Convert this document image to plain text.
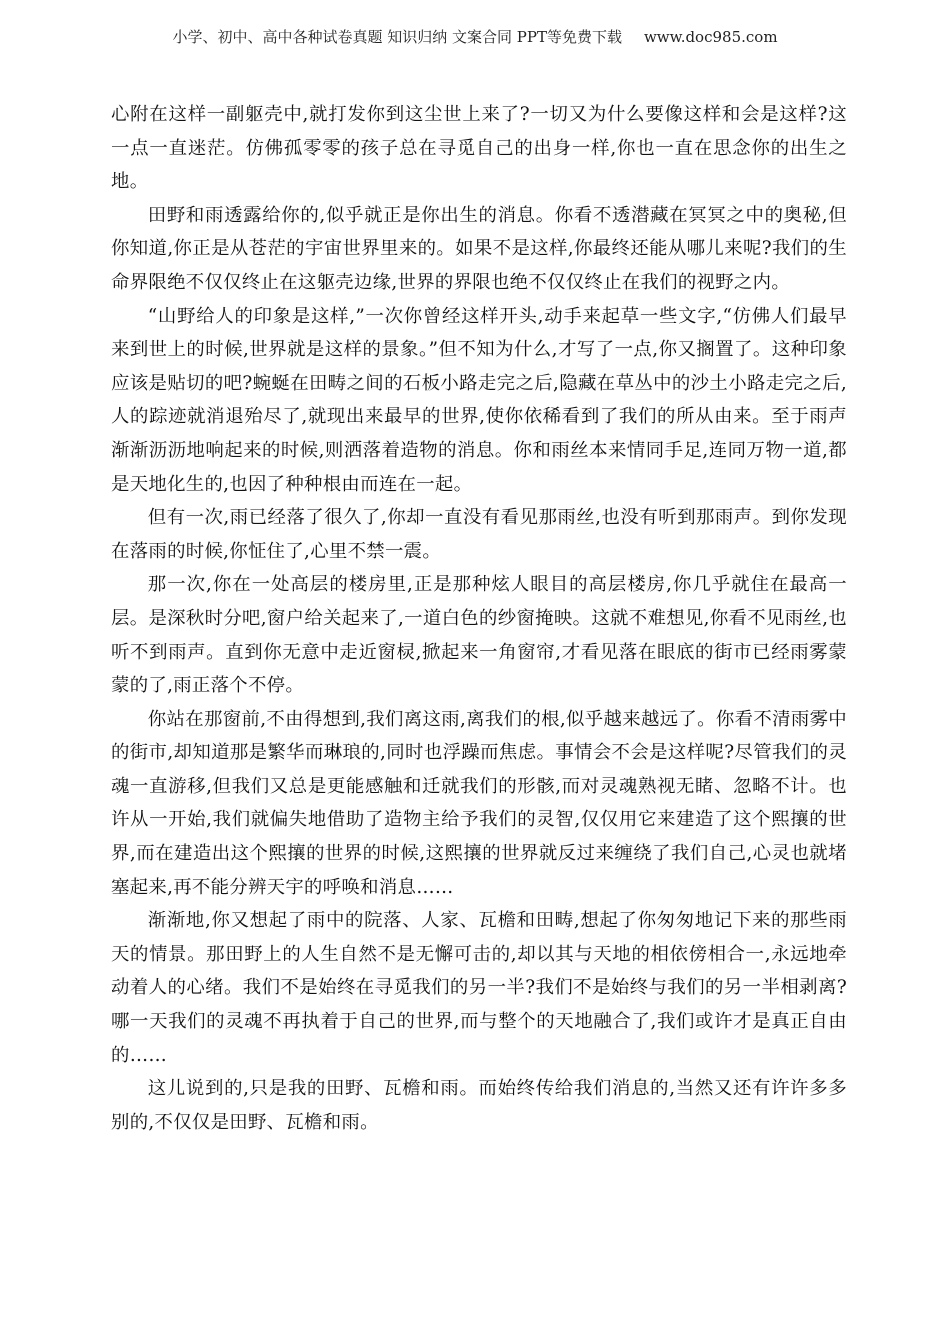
小学、初中、高中各种试卷真题 知识归纳 文案合同 PPT等免费下载 www.doc985.com

心附在这样一副躯壳中,就打发你到这尘世上来了?一切又为什么要像这样和会是这样?这一点一直迷茫。仿佛孤零零的孩子总在寻觅自己的出身一样,你也一直在思念你的出生之地。

田野和雨透露给你的,似乎就正是你出生的消息。你看不透潜藏在冥冥之中的奥秘,但你知道,你正是从苍茫的宇宙世界里来的。如果不是这样,你最终还能从哪儿来呢?我们的生命界限绝不仅仅终止在这躯壳边缘,世界的界限也绝不仅仅终止在我们的视野之内。

“山野给人的印象是这样,”一次你曾经这样开头,动手来起草一些文字,“仿佛人们最早来到世上的时候,世界就是这样的景象。”但不知为什么,才写了一点,你又搁置了。这种印象应该是贴切的吧?蜿蜒在田畴之间的石板小路走完之后,隐藏在草丛中的沙土小路走完之后,人的踪迹就消退殆尽了,就现出来最早的世界,使你依稀看到了我们的所从由来。至于雨声渐渐沥沥地响起来的时候,则洒落着造物的消息。你和雨丝本来情同手足,连同万物一道,都是天地化生的,也因了种种根由而连在一起。

但有一次,雨已经落了很久了,你却一直没有看见那雨丝,也没有听到那雨声。到你发现在落雨的时候,你怔住了,心里不禁一震。

那一次,你在一处高层的楼房里,正是那种炫人眼目的高层楼房,你几乎就住在最高一层。是深秋时分吧,窗户给关起来了,一道白色的纱窗掩映。这就不难想见,你看不见雨丝,也听不到雨声。直到你无意中走近窗棂,掀起来一角窗帘,才看见落在眼底的街市已经雨雾蒙蒙的了,雨正落个不停。

你站在那窗前,不由得想到,我们离这雨,离我们的根,似乎越来越远了。你看不清雨雾中的街市,却知道那是繁华而琳琅的,同时也浮躁而焦虑。事情会不会是这样呢?尽管我们的灵魂一直游移,但我们又总是更能感触和迁就我们的形骸,而对灵魂熟视无睹、忽略不计。也许从一开始,我们就偏失地借助了造物主给予我们的灵智,仅仅用它来建造了这个熙攘的世界,而在建造出这个熙攘的世界的时候,这熙攘的世界就反过来缠绕了我们自己,心灵也就堵塞起来,再不能分辨天宇的呼唤和消息……

渐渐地,你又想起了雨中的院落、人家、瓦檐和田畴,想起了你匆匆地记下来的那些雨天的情景。那田野上的人生自然不是无懈可击的,却以其与天地的相依傍相合一,永远地牵动着人的心绪。我们不是始终在寻觅我们的另一半?我们不是始终与我们的另一半相剥离?哪一天我们的灵魂不再执着于自己的世界,而与整个的天地融合了,我们或许才是真正自由的……

这儿说到的,只是我的田野、瓦檐和雨。而始终传给我们消息的,当然又还有许许多多别的,不仅仅是田野、瓦檐和雨。
